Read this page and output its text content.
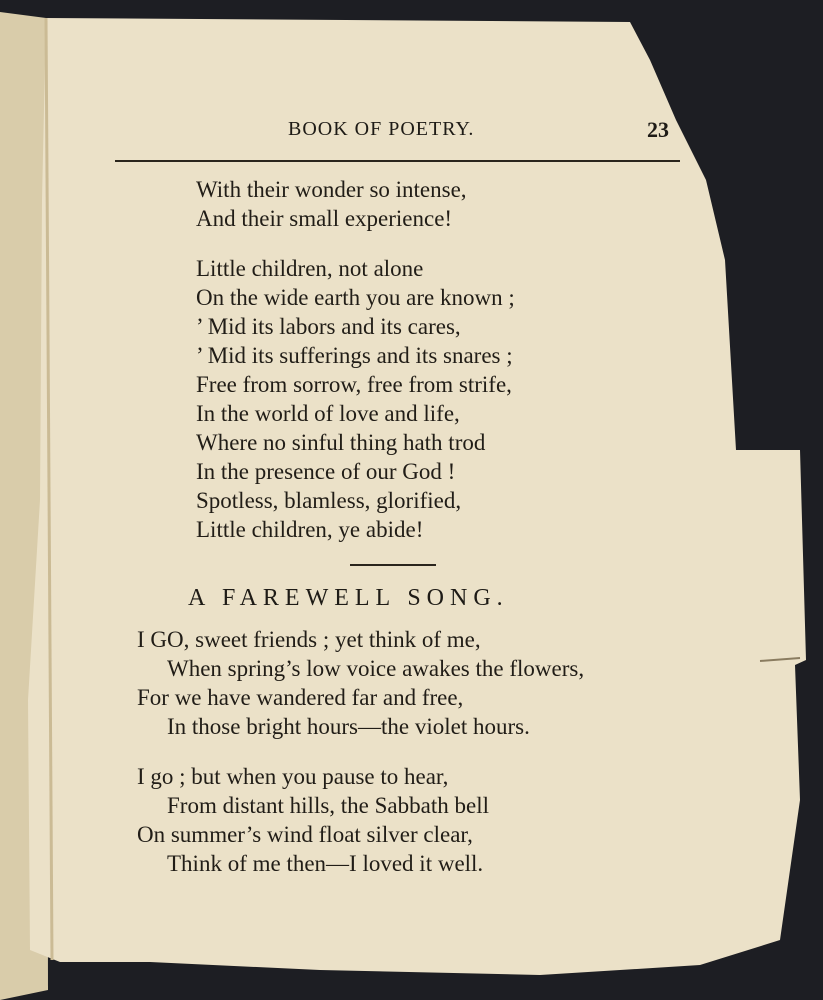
BOOK OF POETRY.	23
With their wonder so intense,
And their small experience!
Little children, not alone
On the wide earth you are known ;
’ Mid its labors and its cares,
’ Mid its sufferings and its snares ;
Free from sorrow, free from strife,
In the world of love and life,
Where no sinful thing hath trod
In the presence of our God !
Spotless, blamless, glorified,
Little children, ye abide!
A FAREWELL SONG.
I GO, sweet friends ; yet think of me,
When spring’s low voice awakes the flowers,
For we have wandered far and free,
In those bright hours—the violet hours.
I go ; but when you pause to hear,
From distant hills, the Sabbath bell
On summer’s wind float silver clear,
Think of me then—I loved it well.
